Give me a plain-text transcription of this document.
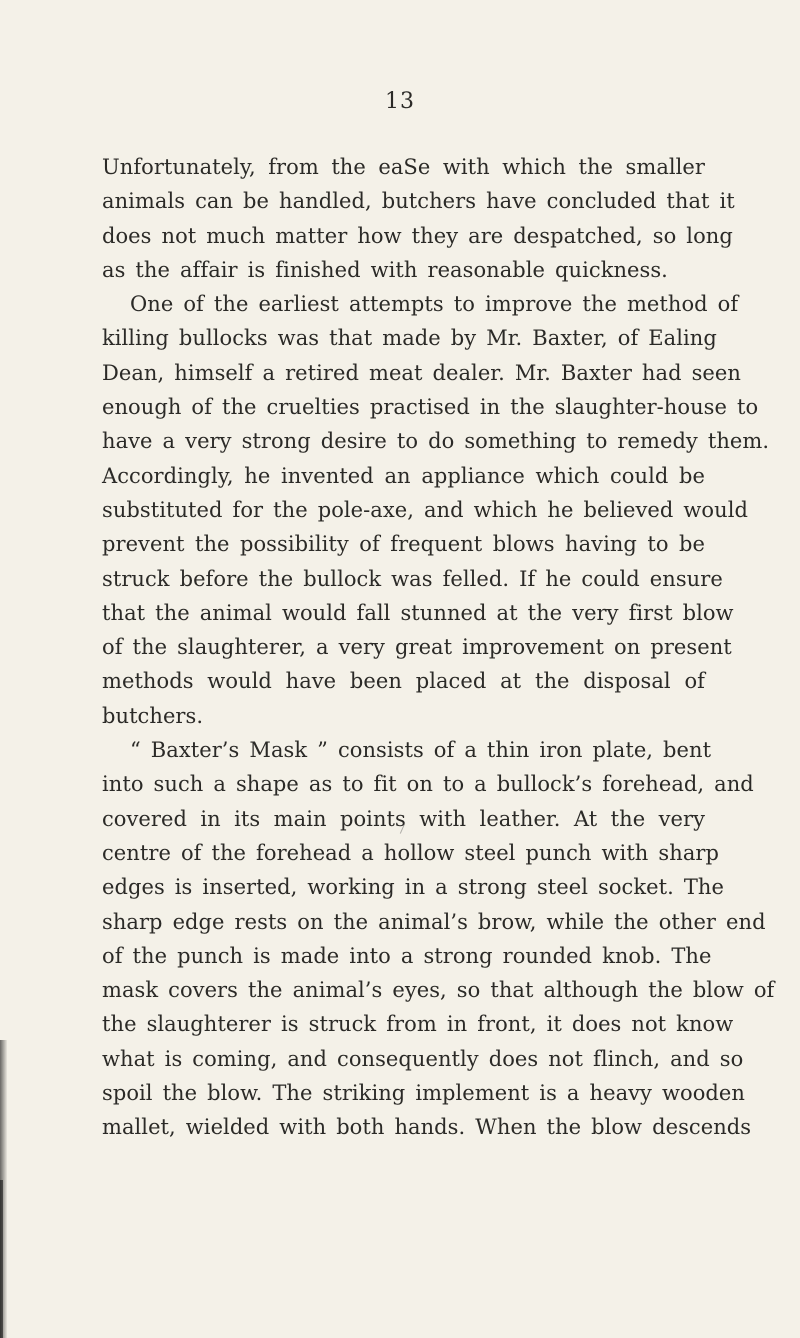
13
Unfortunately, from the eaSe with which the smaller
animals can be handled, butchers have concluded that it
does not much matter how they are despatched, so long
as the affair is finished with reasonable quickness.
One of the earliest attempts to improve the method of
killing bullocks was that made by Mr. Baxter, of Ealing
Dean, himself a retired meat dealer. Mr. Baxter had seen
enough of the cruelties practised in the slaughter-house to
have a very strong desire to do something to remedy them.
Accordingly, he invented an appliance which could be
substituted for the pole-axe, and which he believed would
prevent the possibility of frequent blows having to be
struck before the bullock was felled. If he could ensure
that the animal would fall stunned at the very first blow
of the slaughterer, a very great improvement on present
methods would have been placed at the disposal of
butchers.
“ Baxter’s Mask ” consists of a thin iron plate, bent
into such a shape as to fit on to a bullock’s forehead, and
covered in its main points with leather. At the very
centre of the forehead a hollow steel punch with sharp
edges is inserted, working in a strong steel socket. The
sharp edge rests on the animal’s brow, while the other end
of the punch is made into a strong rounded knob. The
mask covers the animal’s eyes, so that although the blow of
the slaughterer is struck from in front, it does not know
what is coming, and consequently does not flinch, and so
spoil the blow. The striking implement is a heavy wooden
mallet, wielded with both hands. When the blow descends
